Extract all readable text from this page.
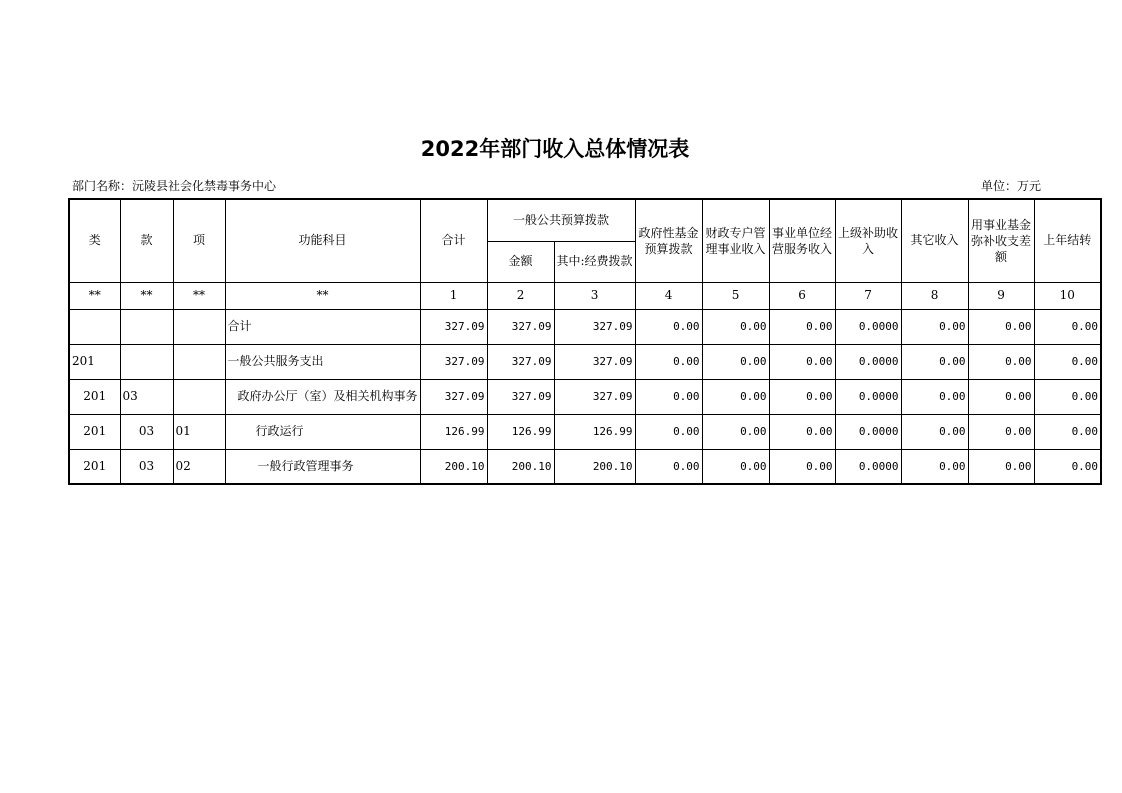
2022年部门收入总体情况表
部门名称：沅陵县社会化禁毒事务中心	单位：万元
类	款	项	功能科目	合计	一般公共预算拨款		政府性基金预算拨款	财政专户管理事业收入	事业单位经营服务收入	上级补助收入	其它收入	用事业基金弥补收支差额	上年结转
					金额	其中:经费拨款							
**	**	**	**	1	2	3	4	5	6	7	8	9	10
			合计	327.09	327.09	327.09	0.00	0.00	0.00	0.0000	0.00	0.00	0.00
201			一般公共服务支出	327.09	327.09	327.09	0.00	0.00	0.00	0.0000	0.00	0.00	0.00
201	03		政府办公厅（室）及相关机构事务	327.09	327.09	327.09	0.00	0.00	0.00	0.0000	0.00	0.00	0.00
201	03	01	行政运行	126.99	126.99	126.99	0.00	0.00	0.00	0.0000	0.00	0.00	0.00
201	03	02	一般行政管理事务	200.10	200.10	200.10	0.00	0.00	0.00	0.0000	0.00	0.00	0.00
